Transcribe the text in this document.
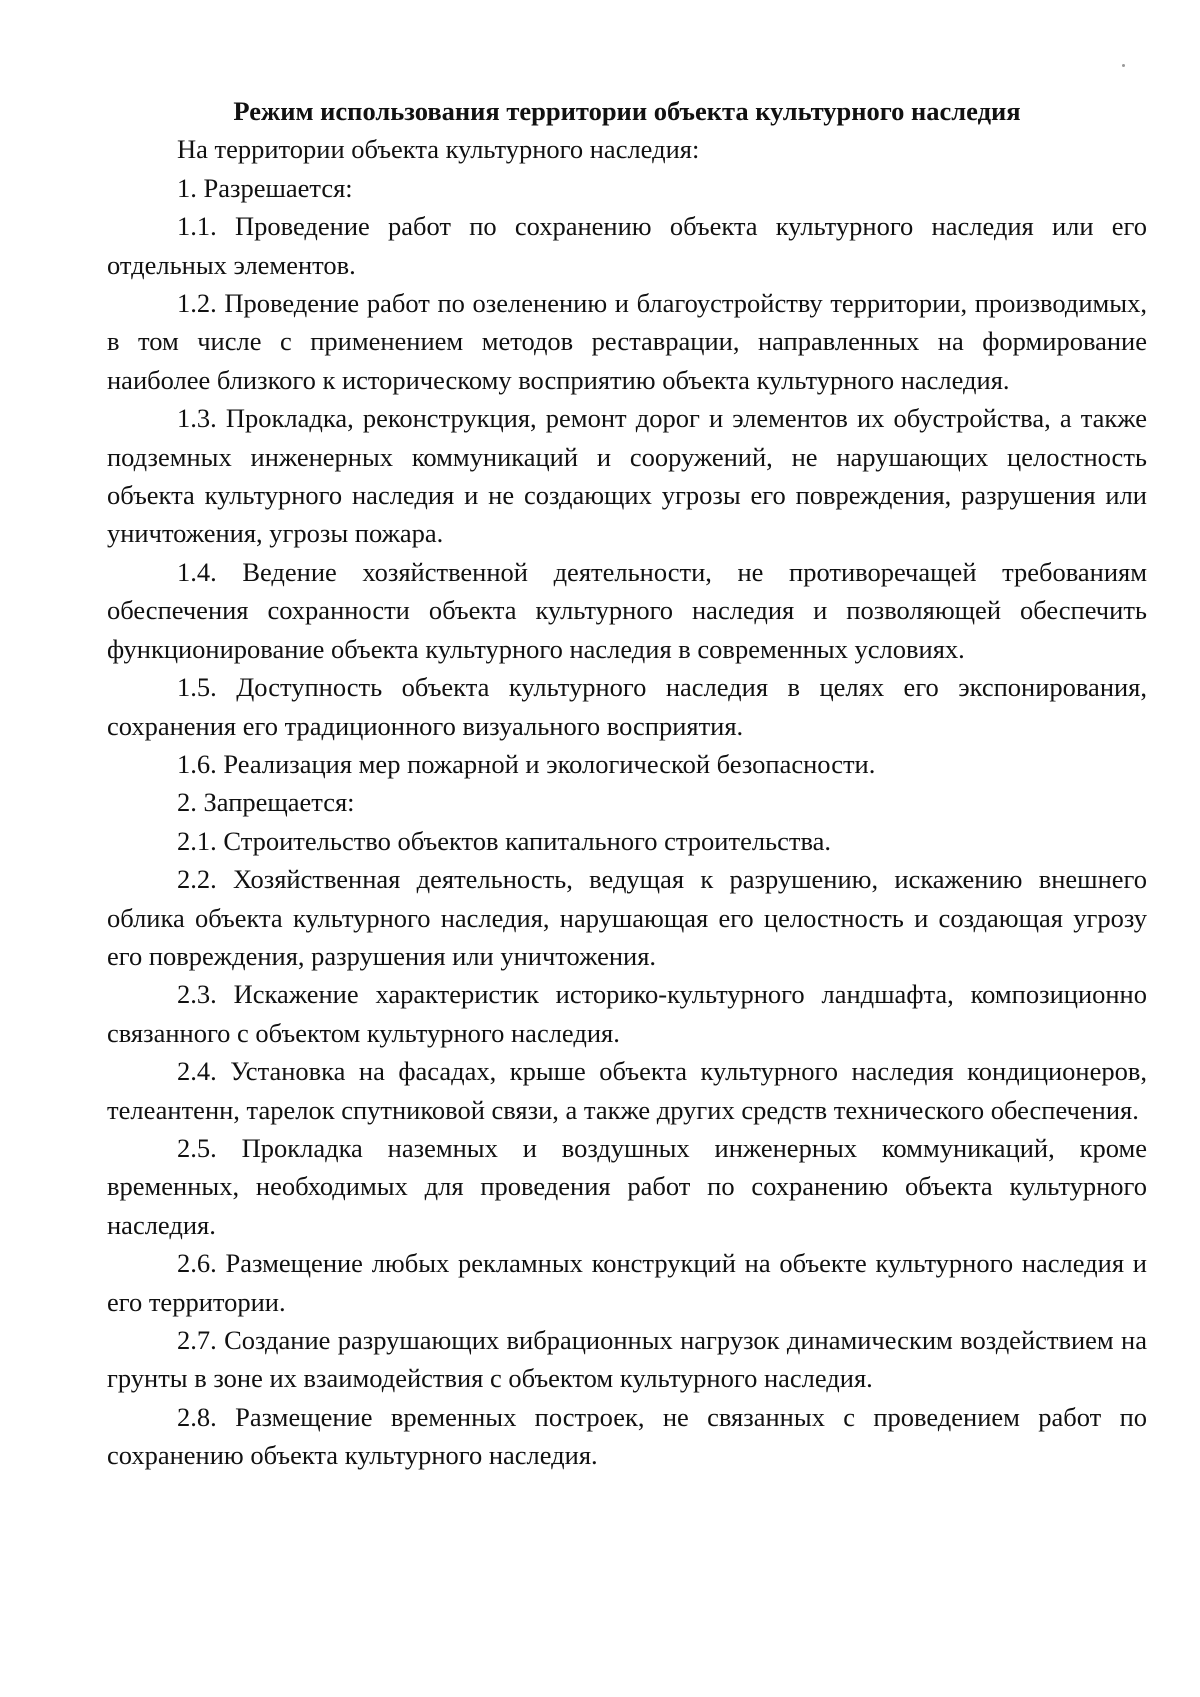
Режим использования территории объекта культурного наследия

На территории объекта культурного наследия:

1. Разрешается:

1.1. Проведение работ по сохранению объекта культурного наследия или его отдельных элементов.

1.2. Проведение работ по озеленению и благоустройству территории, производимых, в том числе с применением методов реставрации, направленных на формирование наиболее близкого к историческому восприятию объекта культурного наследия.

1.3. Прокладка, реконструкция, ремонт дорог и элементов их обустройства, а также подземных инженерных коммуникаций и сооружений, не нарушающих целостность объекта культурного наследия и не создающих угрозы его повреждения, разрушения или уничтожения, угрозы пожара.

1.4. Ведение хозяйственной деятельности, не противоречащей требованиям обеспечения сохранности объекта культурного наследия и позволяющей обеспечить функционирование объекта культурного наследия в современных условиях.

1.5. Доступность объекта культурного наследия в целях его экспонирования, сохранения его традиционного визуального восприятия.

1.6. Реализация мер пожарной и экологической безопасности.

2. Запрещается:

2.1. Строительство объектов капитального строительства.

2.2. Хозяйственная деятельность, ведущая к разрушению, искажению внешнего облика объекта культурного наследия, нарушающая его целостность и создающая угрозу его повреждения, разрушения или уничтожения.

2.3. Искажение характеристик историко-культурного ландшафта, композиционно связанного с объектом культурного наследия.

2.4. Установка на фасадах, крыше объекта культурного наследия кондиционеров, телеантенн, тарелок спутниковой связи, а также других средств технического обеспечения.

2.5. Прокладка наземных и воздушных инженерных коммуникаций, кроме временных, необходимых для проведения работ по сохранению объекта культурного наследия.

2.6. Размещение любых рекламных конструкций на объекте культурного наследия и его территории.

2.7. Создание разрушающих вибрационных нагрузок динамическим воздействием на грунты в зоне их взаимодействия с объектом культурного наследия.

2.8. Размещение временных построек, не связанных с проведением работ по сохранению объекта культурного наследия.
